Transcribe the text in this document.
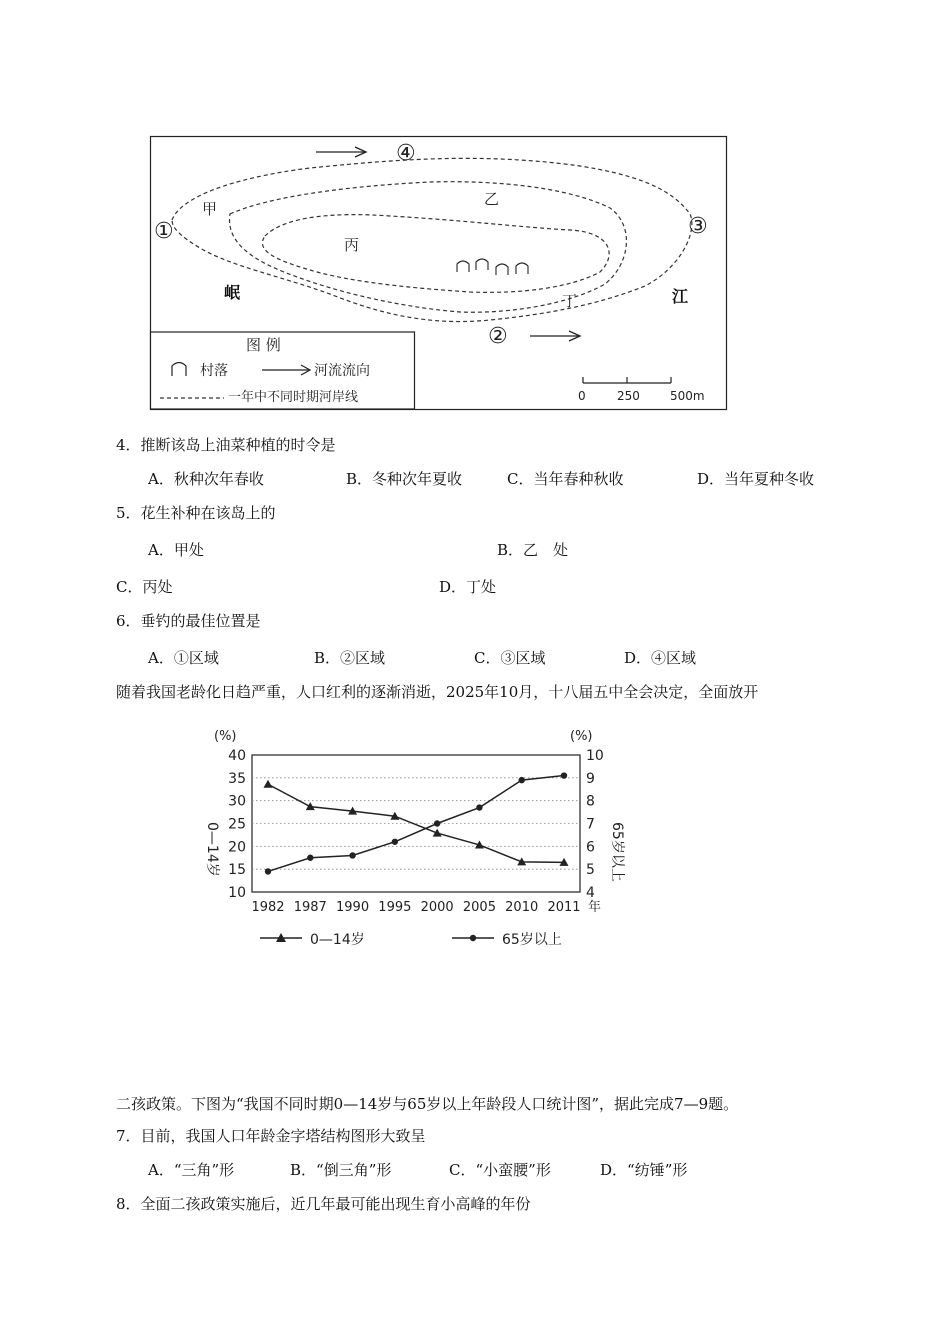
①
②
③
④
甲
乙
丙
丁
岷	江
图 例
村落	河流流向
一年中不同时期河岸线	0	250	500m
4．推断该岛上油菜种植的时令是
A．秋种次年春收	B．冬种次年夏收	C．当年春种秋收	D．当年夏种冬收
5．花生补种在该岛上的
A．甲处	B．乙　处
C．丙处	D．丁处
6．垂钓的最佳位置是
A．①区域	B．②区域	C．③区域	D．④区域
随着我国老龄化日趋严重，人口红利的逐渐消逝，2025年10月，十八届五中全会决定，全面放开
(%)	(%)
40
35
30
25
20
15
10
10
9
8
7
6
5
4
1982 1987 1990 1995 2000 2005 2010 2011
0—14岁	65岁以上
年
0—14岁	65岁以上
二孩政策。下图为“我国不同时期0—14岁与65岁以上年龄段人口统计图”，据此完成7—9题。
7．目前，我国人口年龄金字塔结构图形大致呈
A．“三角”形	B．“倒三角”形	C．“小蛮腰”形	D．“纺锤”形
8．全面二孩政策实施后，近几年最可能出现生育小高峰的年份
